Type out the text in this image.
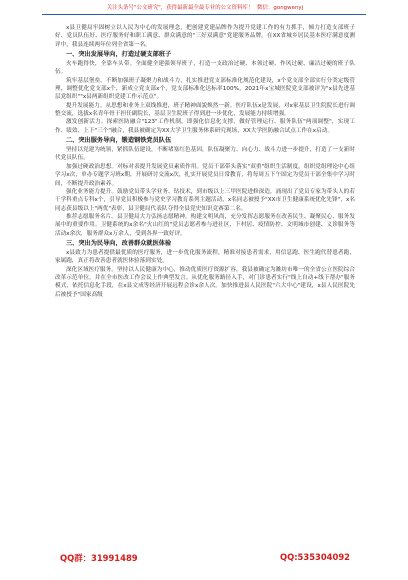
关注头条号"公文研究"，获得最新最全最专业的公文资料库！ 微信：gongwenyj

x县卫健局牢固树立以人民为中心的发展理念，把创建党建品牌作为提升党建工作的有力抓手，倾力打造支部班子好、党员队伍好、医疗服务好和职工满意、群众满意的"三好双满意"党建服务品牌。在XX省城乡居民基本医疗满意度测评中，我县连续两年位列全省第一名。

一、突出发展导向，打造过硬支部班子

火车跑得快，全靠车头带。全面健全建强领导班子，打造一支政治过硬、本领过硬、作风过硬、廉洁过硬的班子队伍。

筑牢基层堡垒。不断加强班子凝聚力和战斗力，扎实推进党支部标准化规范化建设，x个党支部全部实行分类定级管理，调整优化党支部x个，新成立党支部x个，党支部标准化达标率100%，2021年x宝城医院党支部被评为"x县先进基层党组织""x县两新组织党建工作示范点"。

提升发展能力。从思想和业务上双线推进，班子精神面貌焕然一新。医疗队伍x是发展，对x家基层卫生院院长进行调整交流，选拔x名青年骨干担任副院长，基层卫生院班子得到进一步优化，发展能力持续增强。

激发创新活力。探索医防融合"123"工作机制，即强化信息化支撑，做好管理运行、服务队伍"两项调整"，实现工作、绩效、上下"三个"融合，我县被确定为XX大学卫生服务体系研究现场，XX大学医防融合试点工作在x启动。

二、突出服务导向，锻造钢铁党员队伍

坚持以党建为统领，紧抓队伍建设，不断堵塞红色基因，队伍凝聚力、向心力、战斗力进一步提升，打造了一支新时代党员队伍。

加强过硬政治思想。对标对表提升发展党员素质作用。党员干部带头落实"双重"组织生活制度。组织党组理论中心组学习x次，单办专题学习班x期，开展研讨交流x次，扎实开展党员日常教育，将每周五下午固定为党员干部全集中学习时间，不断提升政治素养。

强化业务能力提升。鼓励党员带头学业务、钻技术，到市级以上三甲医院进修深造，涌现出了党员专家为带头人的若干学科重点专科x个，引导党员积极参与党史学习教育系列主题活动，x名同志被授予"XX市卫生健康系统优化先锋"，x名同志获县级以上"两优"表彰，县卫健局代表队夺得全县党史知识竞赛第二名。

推荐志愿服务名片。县卫健局大力弘扬志愿精神，构建文明风尚，充分发挥志愿服务在改善民生、凝聚民心、服务发展中的重要作用。卫健系统的x余名"火山红的"党员志愿者参与进社区、下村居、疫情防控、文明城市创建、义诊服务等活动x余次，服务群众x万余人，受到各界一致好评。

三、突出为民导向，改善群众就医体验

x县致力为患者提供最优质的医疗服务，进一步优化服务流程，精准对接患者需求，用信息跑、医生跑代替患者跑、家属跑，真正将改善患者就医体验落到实处。

深化区域医疗服务。坚持以人民健康为中心，推动优质医疗资源扩容，我县被确定为潍坊市唯一的全省公立医院综合改革示范单位，并在全市医改工作会议上作典型发言。从优化服务路径入手，对门诊患者实行"线上自动+线下帮办"服务模式，依托信息化手段，在x县文成等经济开展远程会诊x余人次。加快推进县人民医院"六大中心"建设，x县人民医院先后被授予"国家高级

QQ群：31991489	QQ:535304092
